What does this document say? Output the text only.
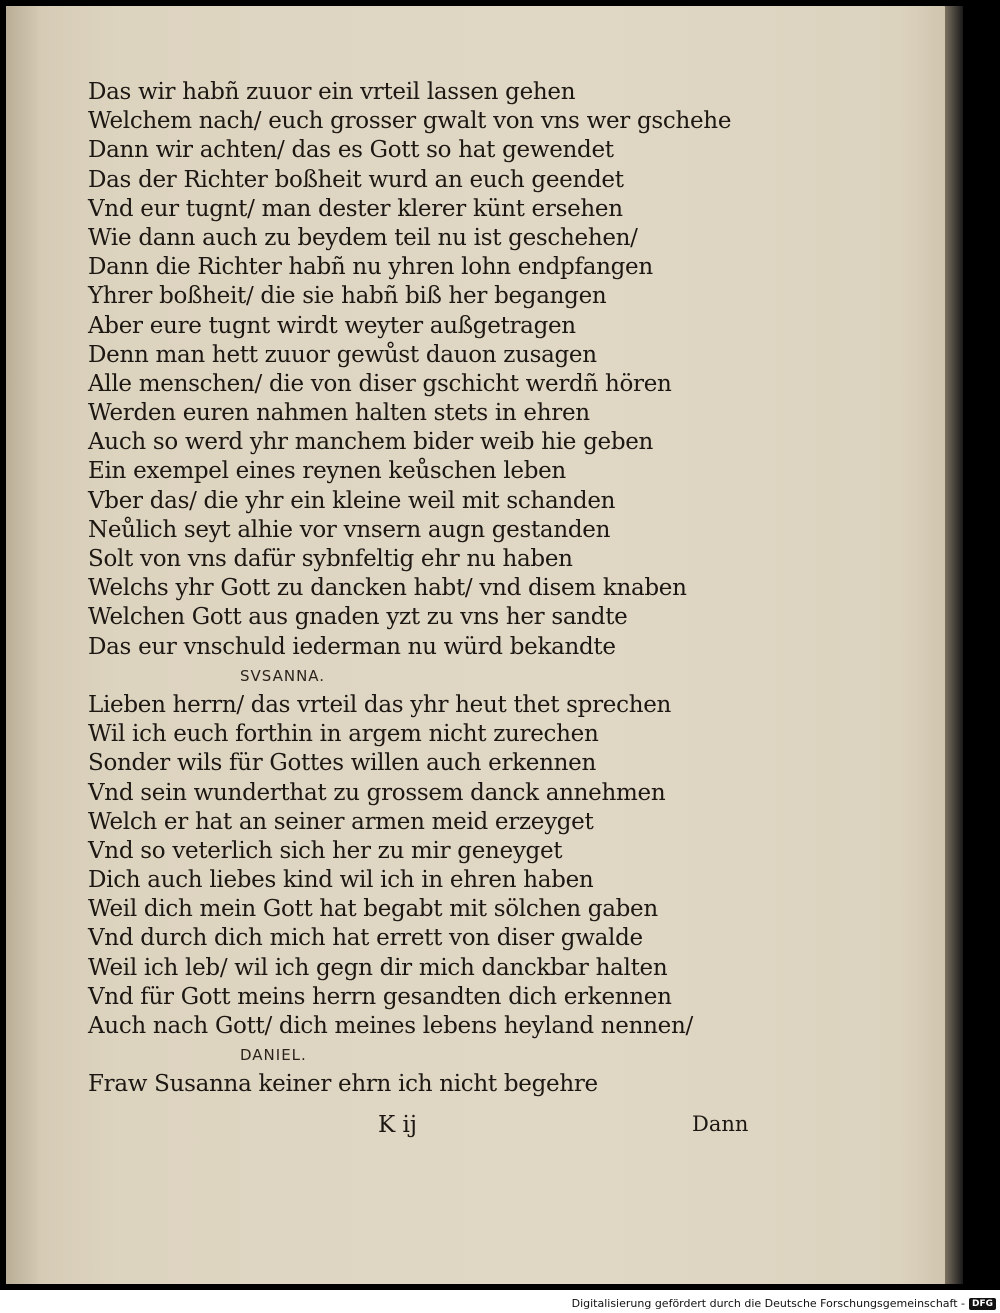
Das wir habñ zuuor ein vrteil lassen gehen
Welchem nach/ euch grosser gwalt von vns wer gschehe
Dann wir achten/ das es Gott so hat gewendet
Das der Richter boßheit wurd an euch geendet
Vnd eur tugnt/ man dester klerer künt ersehen
Wie dann auch zu beydem teil nu ist geschehen/
Dann die Richter habñ nu yhren lohn endpfangen
Yhrer boßheit/ die sie habñ biß her begangen
Aber eure tugnt wirdt weyter außgetragen
Denn man hett zuuor gewůst dauon zusagen
Alle menschen/ die von diser gschicht werdñ hören
Werden euren nahmen halten stets in ehren
Auch so werd yhr manchem bider weib hie geben
Ein exempel eines reynen keůschen leben
Vber das/ die yhr ein kleine weil mit schanden
Neůlich seyt alhie vor vnsern augn gestanden
Solt von vns dafür sybnfeltig ehr nu haben
Welchs yhr Gott zu dancken habt/ vnd disem knaben
Welchen Gott aus gnaden yzt zu vns her sandte
Das eur vnschuld iederman nu würd bekandte
SVSANNA.
Lieben herrn/ das vrteil das yhr heut thet sprechen
Wil ich euch forthin in argem nicht zurechen
Sonder wils für Gottes willen auch erkennen
Vnd sein wunderthat zu grossem danck annehmen
Welch er hat an seiner armen meid erzeyget
Vnd so veterlich sich her zu mir geneyget
Dich auch liebes kind wil ich in ehren haben
Weil dich mein Gott hat begabt mit sölchen gaben
Vnd durch dich mich hat errett von diser gwalde
Weil ich leb/ wil ich gegn dir mich danckbar halten
Vnd für Gott meins herrn gesandten dich erkennen
Auch nach Gott/ dich meines lebens heyland nennen/
DANIEL.
Fraw Susanna keiner ehrn ich nicht begehre
K ij	Dann
Digitalisierung gefördert durch die Deutsche Forschungsgemeinschaft - DFG
